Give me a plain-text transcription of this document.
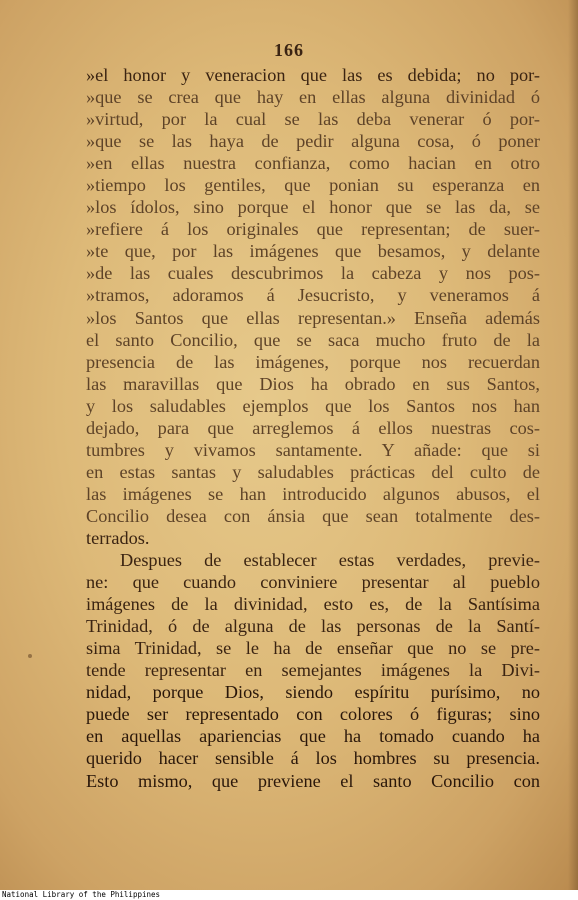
166
»el honor y veneracion que las es debida; no por-
»que se crea que hay en ellas alguna divinidad ó
»virtud, por la cual se las deba venerar ó por-
»que se las haya de pedir alguna cosa, ó poner
»en ellas nuestra confianza, como hacian en otro
»tiempo los gentiles, que ponian su esperanza en
»los ídolos, sino porque el honor que se las da, se
»refiere á los originales que representan; de suer-
»te que, por las imágenes que besamos, y delante
»de las cuales descubrimos la cabeza y nos pos-
»tramos, adoramos á Jesucristo, y veneramos á
»los Santos que ellas representan.» Enseña además
el santo Concilio, que se saca mucho fruto de la
presencia de las imágenes, porque nos recuerdan
las maravillas que Dios ha obrado en sus Santos,
y los saludables ejemplos que los Santos nos han
dejado, para que arreglemos á ellos nuestras cos-
tumbres y vivamos santamente. Y añade: que si
en estas santas y saludables prácticas del culto de
las imágenes se han introducido algunos abusos, el
Concilio desea con ánsia que sean totalmente des-
terrados.
Despues de establecer estas verdades, previe-
ne: que cuando conviniere presentar al pueblo
imágenes de la divinidad, esto es, de la Santísima
Trinidad, ó de alguna de las personas de la Santí-
sima Trinidad, se le ha de enseñar que no se pre-
tende representar en semejantes imágenes la Divi-
nidad, porque Dios, siendo espíritu purísimo, no
puede ser representado con colores ó figuras; sino
en aquellas apariencias que ha tomado cuando ha
querido hacer sensible á los hombres su presencia.
Esto mismo, que previene el santo Concilio con
National Library of the Philippines
